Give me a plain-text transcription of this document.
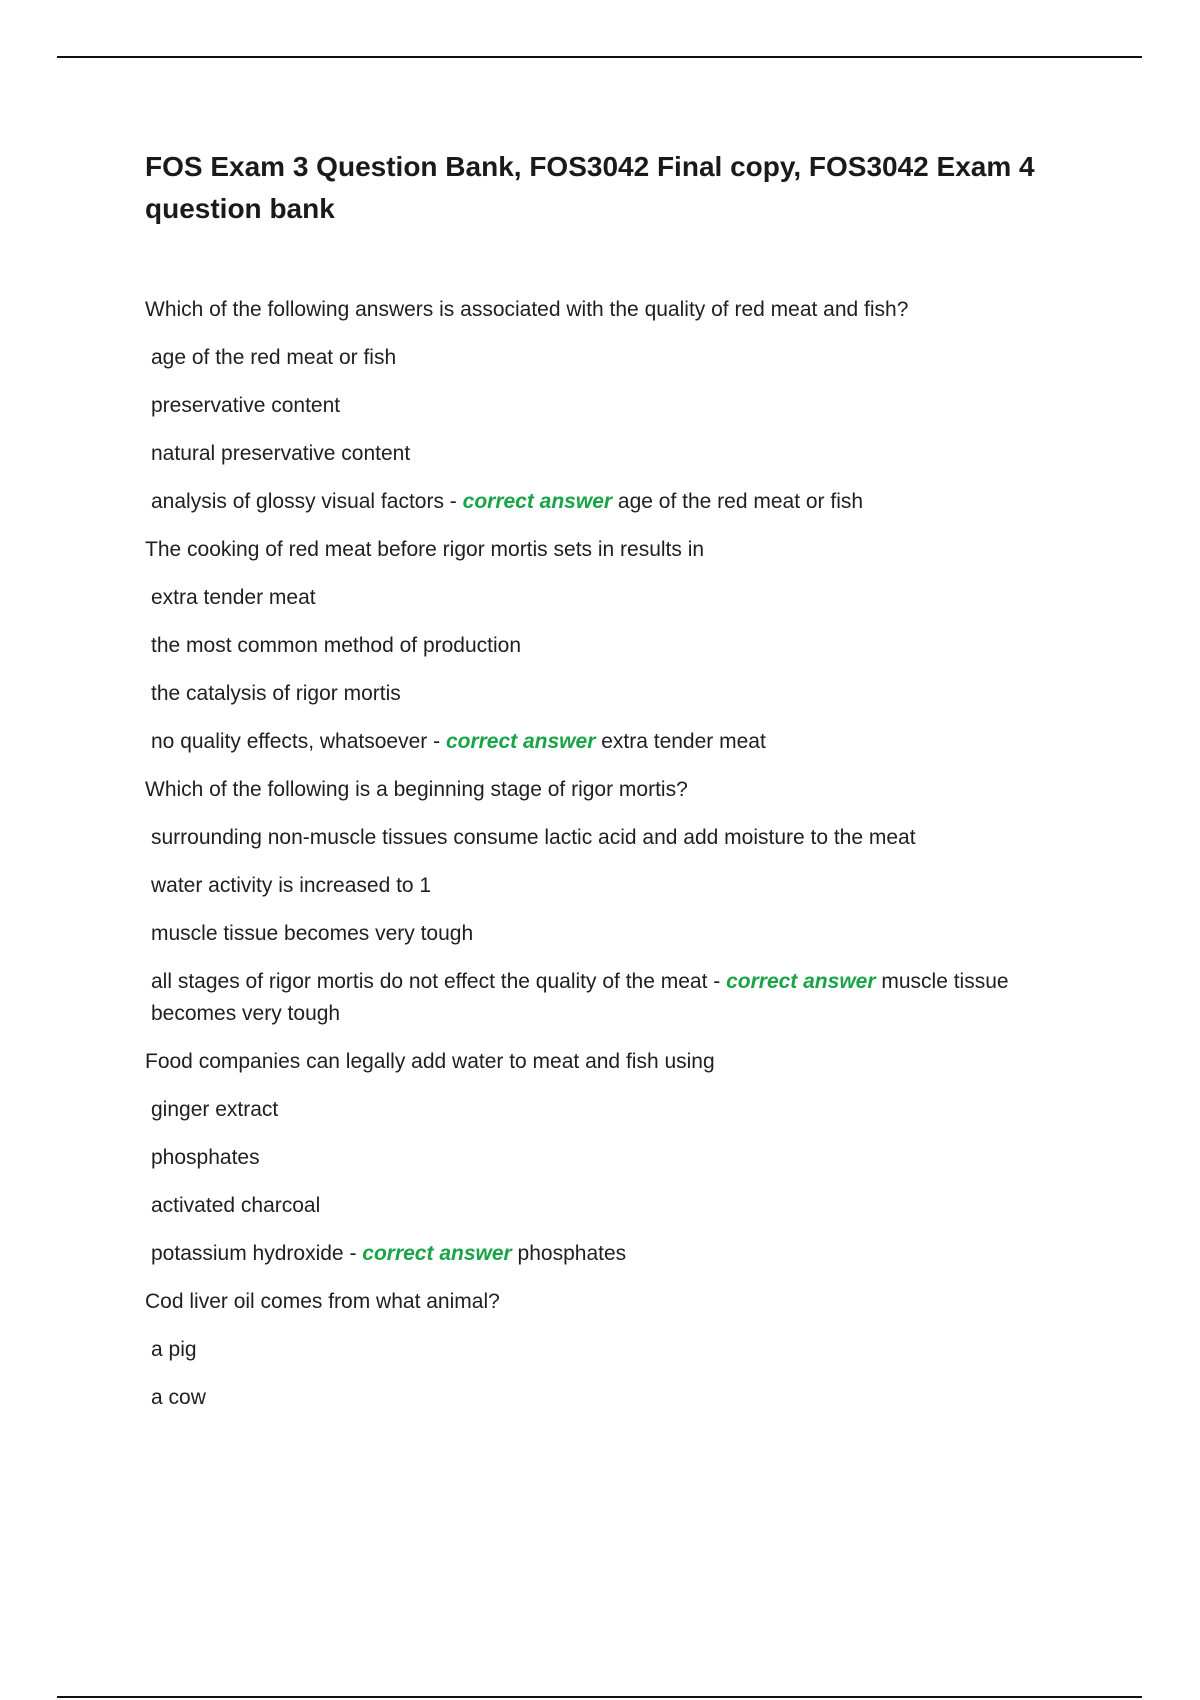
FOS Exam 3 Question Bank, FOS3042 Final copy, FOS3042 Exam 4 question bank
Which of the following answers is associated with the quality of red meat and fish?
age of the red meat or fish
preservative content
natural preservative content
analysis of glossy visual factors - correct answer age of the red meat or fish
The cooking of red meat before rigor mortis sets in results in
extra tender meat
the most common method of production
the catalysis of rigor mortis
no quality effects, whatsoever - correct answer extra tender meat
Which of the following is a beginning stage of rigor mortis?
surrounding non-muscle tissues consume lactic acid and add moisture to the meat
water activity is increased to 1
muscle tissue becomes very tough
all stages of rigor mortis do not effect the quality of the meat - correct answer muscle tissue becomes very tough
Food companies can legally add water to meat and fish using
ginger extract
phosphates
activated charcoal
potassium hydroxide - correct answer phosphates
Cod liver oil comes from what animal?
a pig
a cow
